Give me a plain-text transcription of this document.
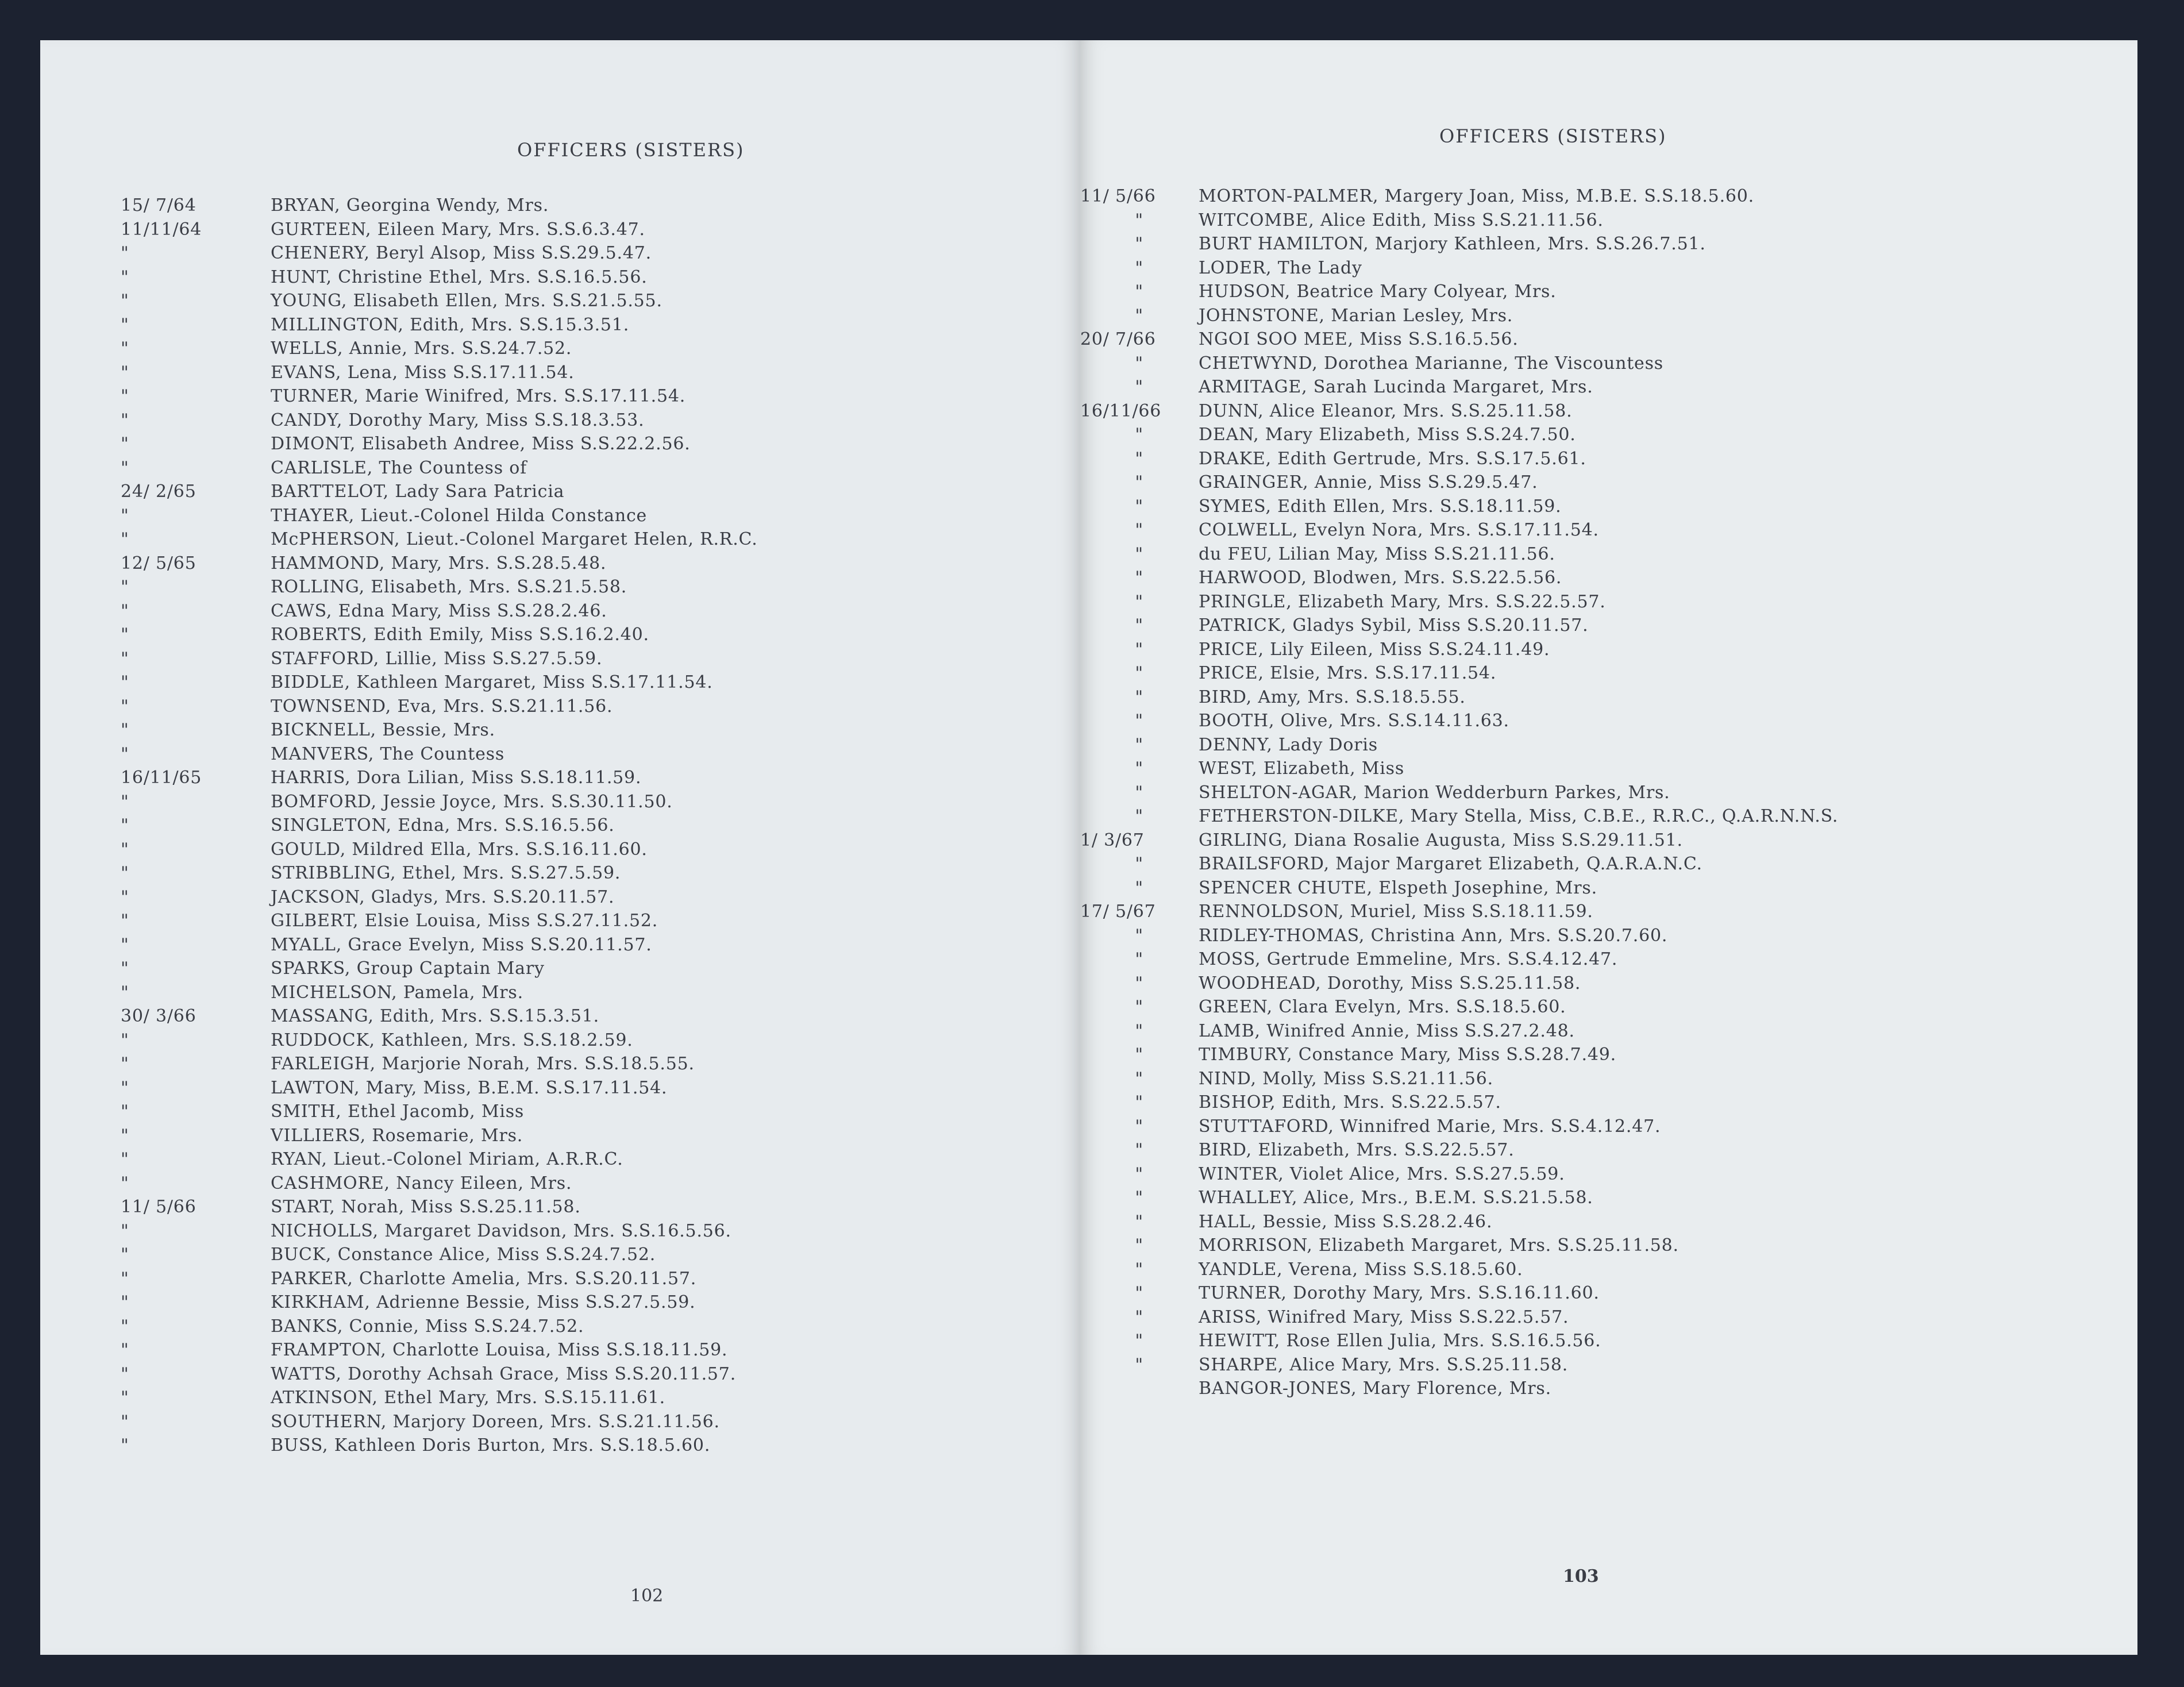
OFFICERS (SISTERS)
15/ 7/64	BRYAN, Georgina Wendy, Mrs.
11/11/64	GURTEEN, Eileen Mary, Mrs. S.S.6.3.47.
"	CHENERY, Beryl Alsop, Miss S.S.29.5.47.
"	HUNT, Christine Ethel, Mrs. S.S.16.5.56.
"	YOUNG, Elisabeth Ellen, Mrs. S.S.21.5.55.
"	MILLINGTON, Edith, Mrs. S.S.15.3.51.
"	WELLS, Annie, Mrs. S.S.24.7.52.
"	EVANS, Lena, Miss S.S.17.11.54.
"	TURNER, Marie Winifred, Mrs. S.S.17.11.54.
"	CANDY, Dorothy Mary, Miss S.S.18.3.53.
"	DIMONT, Elisabeth Andree, Miss S.S.22.2.56.
"	CARLISLE, The Countess of
24/ 2/65	BARTTELOT, Lady Sara Patricia
"	THAYER, Lieut.-Colonel Hilda Constance
"	McPHERSON, Lieut.-Colonel Margaret Helen, R.R.C.
12/ 5/65	HAMMOND, Mary, Mrs. S.S.28.5.48.
"	ROLLING, Elisabeth, Mrs. S.S.21.5.58.
"	CAWS, Edna Mary, Miss S.S.28.2.46.
"	ROBERTS, Edith Emily, Miss S.S.16.2.40.
"	STAFFORD, Lillie, Miss S.S.27.5.59.
"	BIDDLE, Kathleen Margaret, Miss S.S.17.11.54.
"	TOWNSEND, Eva, Mrs. S.S.21.11.56.
"	BICKNELL, Bessie, Mrs.
"	MANVERS, The Countess
16/11/65	HARRIS, Dora Lilian, Miss S.S.18.11.59.
"	BOMFORD, Jessie Joyce, Mrs. S.S.30.11.50.
"	SINGLETON, Edna, Mrs. S.S.16.5.56.
"	GOULD, Mildred Ella, Mrs. S.S.16.11.60.
"	STRIBBLING, Ethel, Mrs. S.S.27.5.59.
"	JACKSON, Gladys, Mrs. S.S.20.11.57.
"	GILBERT, Elsie Louisa, Miss S.S.27.11.52.
"	MYALL, Grace Evelyn, Miss S.S.20.11.57.
"	SPARKS, Group Captain Mary
"	MICHELSON, Pamela, Mrs.
30/ 3/66	MASSANG, Edith, Mrs. S.S.15.3.51.
"	RUDDOCK, Kathleen, Mrs. S.S.18.2.59.
"	FARLEIGH, Marjorie Norah, Mrs. S.S.18.5.55.
"	LAWTON, Mary, Miss, B.E.M. S.S.17.11.54.
"	SMITH, Ethel Jacomb, Miss
"	VILLIERS, Rosemarie, Mrs.
"	RYAN, Lieut.-Colonel Miriam, A.R.R.C.
"	CASHMORE, Nancy Eileen, Mrs.
11/ 5/66	START, Norah, Miss S.S.25.11.58.
"	NICHOLLS, Margaret Davidson, Mrs. S.S.16.5.56.
"	BUCK, Constance Alice, Miss S.S.24.7.52.
"	PARKER, Charlotte Amelia, Mrs. S.S.20.11.57.
"	KIRKHAM, Adrienne Bessie, Miss S.S.27.5.59.
"	BANKS, Connie, Miss S.S.24.7.52.
"	FRAMPTON, Charlotte Louisa, Miss S.S.18.11.59.
"	WATTS, Dorothy Achsah Grace, Miss S.S.20.11.57.
"	ATKINSON, Ethel Mary, Mrs. S.S.15.11.61.
"	SOUTHERN, Marjory Doreen, Mrs. S.S.21.11.56.
"	BUSS, Kathleen Doris Burton, Mrs. S.S.18.5.60.

102

OFFICERS (SISTERS)
11/ 5/66 MORTON-PALMER, Margery Joan, Miss, M.B.E. S.S.18.5.60.
"	WITCOMBE, Alice Edith, Miss S.S.21.11.56.
"	BURT HAMILTON, Marjory Kathleen, Mrs. S.S.26.7.51.
"	LODER, The Lady
"	HUDSON, Beatrice Mary Colyear, Mrs.
"	JOHNSTONE, Marian Lesley, Mrs.
20/ 7/66 NGOI SOO MEE, Miss S.S.16.5.56.
"	CHETWYND, Dorothea Marianne, The Viscountess
"	ARMITAGE, Sarah Lucinda Margaret, Mrs.
16/11/66 DUNN, Alice Eleanor, Mrs. S.S.25.11.58.
"	DEAN, Mary Elizabeth, Miss S.S.24.7.50.
"	DRAKE, Edith Gertrude, Mrs. S.S.17.5.61.
"	GRAINGER, Annie, Miss S.S.29.5.47.
"	SYMES, Edith Ellen, Mrs. S.S.18.11.59.
"	COLWELL, Evelyn Nora, Mrs. S.S.17.11.54.
"	du FEU, Lilian May, Miss S.S.21.11.56.
"	HARWOOD, Blodwen, Mrs. S.S.22.5.56.
"	PRINGLE, Elizabeth Mary, Mrs. S.S.22.5.57.
"	PATRICK, Gladys Sybil, Miss S.S.20.11.57.
"	PRICE, Lily Eileen, Miss S.S.24.11.49.
"	PRICE, Elsie, Mrs. S.S.17.11.54.
"	BIRD, Amy, Mrs. S.S.18.5.55.
"	BOOTH, Olive, Mrs. S.S.14.11.63.
"	DENNY, Lady Doris
"	WEST, Elizabeth, Miss
"	SHELTON-AGAR, Marion Wedderburn Parkes, Mrs.
"	FETHERSTON-DILKE, Mary Stella, Miss, C.B.E., R.R.C., Q.A.R.N.N.S.
1/ 3/67	GIRLING, Diana Rosalie Augusta, Miss S.S.29.11.51.
"	BRAILSFORD, Major Margaret Elizabeth, Q.A.R.A.N.C.
"	SPENCER CHUTE, Elspeth Josephine, Mrs.
17/ 5/67 RENNOLDSON, Muriel, Miss S.S.18.11.59.
"	RIDLEY-THOMAS, Christina Ann, Mrs. S.S.20.7.60.
"	MOSS, Gertrude Emmeline, Mrs. S.S.4.12.47.
"	WOODHEAD, Dorothy, Miss S.S.25.11.58.
"	GREEN, Clara Evelyn, Mrs. S.S.18.5.60.
"	LAMB, Winifred Annie, Miss S.S.27.2.48.
"	TIMBURY, Constance Mary, Miss S.S.28.7.49.
"	NIND, Molly, Miss S.S.21.11.56.
"	BISHOP, Edith, Mrs. S.S.22.5.57.
"	STUTTAFORD, Winnifred Marie, Mrs. S.S.4.12.47.
"	BIRD, Elizabeth, Mrs. S.S.22.5.57.
"	WINTER, Violet Alice, Mrs. S.S.27.5.59.
"	WHALLEY, Alice, Mrs., B.E.M. S.S.21.5.58.
"	HALL, Bessie, Miss S.S.28.2.46.
"	MORRISON, Elizabeth Margaret, Mrs. S.S.25.11.58.
"	YANDLE, Verena, Miss S.S.18.5.60.
"	TURNER, Dorothy Mary, Mrs. S.S.16.11.60.
"	ARISS, Winifred Mary, Miss S.S.22.5.57.
"	HEWITT, Rose Ellen Julia, Mrs. S.S.16.5.56.
"	SHARPE, Alice Mary, Mrs. S.S.25.11.58.
BANGOR-JONES, Mary Florence, Mrs.

103
